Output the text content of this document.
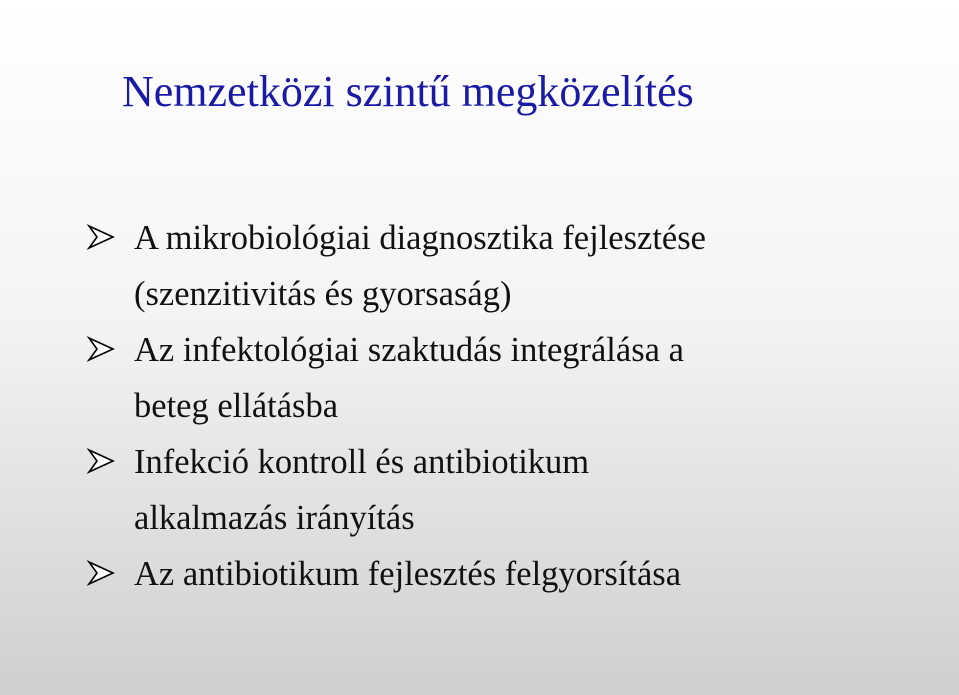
Nemzetközi szintű megközelítés
A mikrobiológiai diagnosztika fejlesztése
(szenzitivitás és gyorsaság)
Az infektológiai szaktudás integrálása a
beteg ellátásba
Infekció kontroll és antibiotikum
alkalmazás irányítás
Az antibiotikum fejlesztés felgyorsítása
